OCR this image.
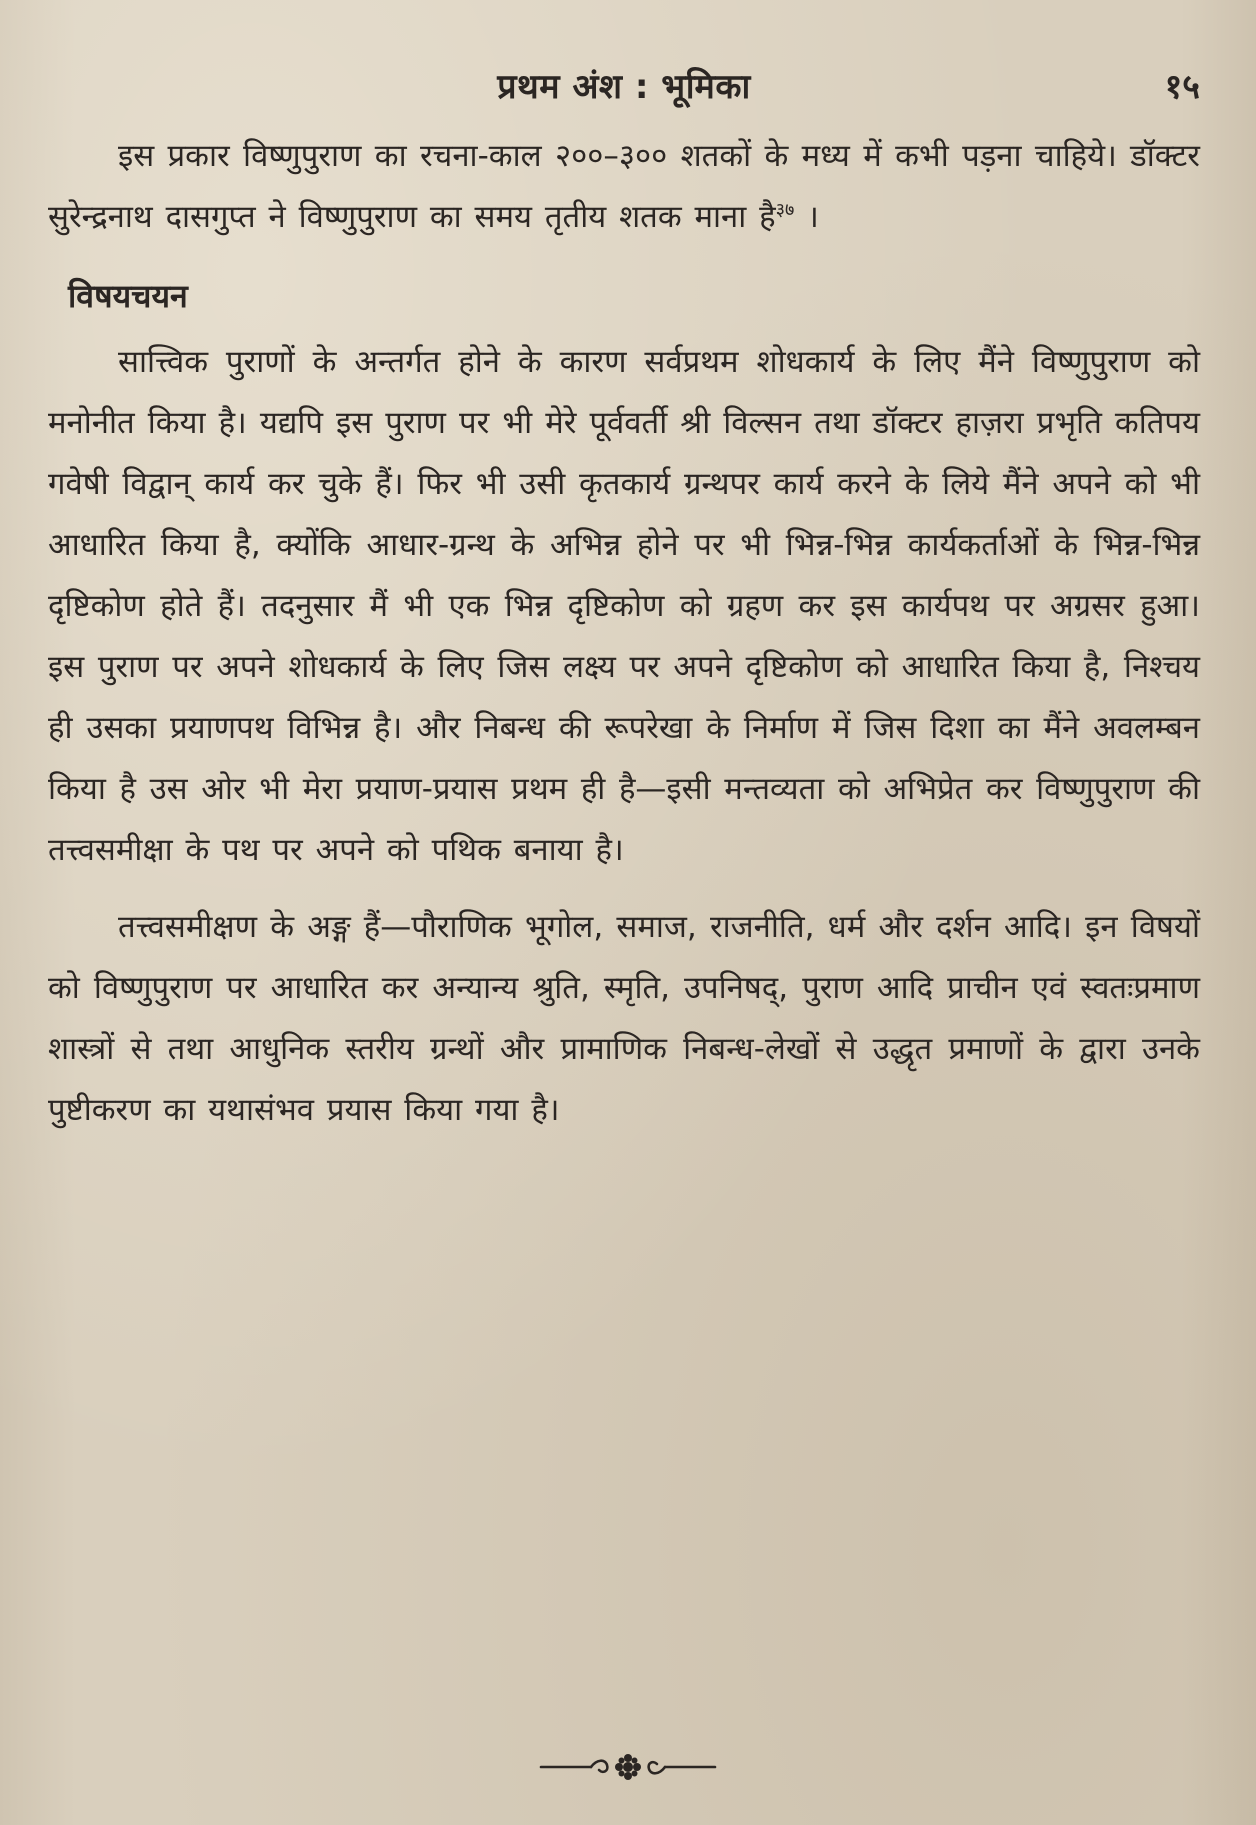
प्रथम अंश : भूमिका	१५

इस प्रकार विष्णुपुराण का रचना-काल २००–३०० शतकों के मध्य में कभी पड़ना चाहिये। डॉक्टर सुरेन्द्रनाथ दासगुप्त ने विष्णुपुराण का समय तृतीय शतक माना है$^{३७}$ ।

विषयचयन

सात्त्विक पुराणों के अन्तर्गत होने के कारण सर्वप्रथम शोधकार्य के लिए मैंने विष्णुपुराण को मनोनीत किया है। यद्यपि इस पुराण पर भी मेरे पूर्ववर्ती श्री विल्सन तथा डॉक्टर हाज़रा प्रभृति कतिपय गवेषी विद्वान् कार्य कर चुके हैं। फिर भी उसी कृतकार्य ग्रन्थपर कार्य करने के लिये मैंने अपने को भी आधारित किया है, क्योंकि आधार-ग्रन्थ के अभिन्न होने पर भी भिन्न-भिन्न कार्यकर्ताओं के भिन्न-भिन्न दृष्टिकोण होते हैं। तदनुसार मैं भी एक भिन्न दृष्टिकोण को ग्रहण कर इस कार्यपथ पर अग्रसर हुआ। इस पुराण पर अपने शोधकार्य के लिए जिस लक्ष्य पर अपने दृष्टिकोण को आधारित किया है, निश्चय ही उसका प्रयाणपथ विभिन्न है। और निबन्ध की रूपरेखा के निर्माण में जिस दिशा का मैंने अवलम्बन किया है उस ओर भी मेरा प्रयाण-प्रयास प्रथम ही है—इसी मन्तव्यता को अभिप्रेत कर विष्णुपुराण की तत्त्वसमीक्षा के पथ पर अपने को पथिक बनाया है।

तत्त्वसमीक्षण के अङ्ग हैं—पौराणिक भूगोल, समाज, राजनीति, धर्म और दर्शन आदि। इन विषयों को विष्णुपुराण पर आधारित कर अन्यान्य श्रुति, स्मृति, उपनिषद्, पुराण आदि प्राचीन एवं स्वतःप्रमाण शास्त्रों से तथा आधुनिक स्तरीय ग्रन्थों और प्रामाणिक निबन्ध-लेखों से उद्धृत प्रमाणों के द्वारा उनके पुष्टीकरण का यथासंभव प्रयास किया गया है।
